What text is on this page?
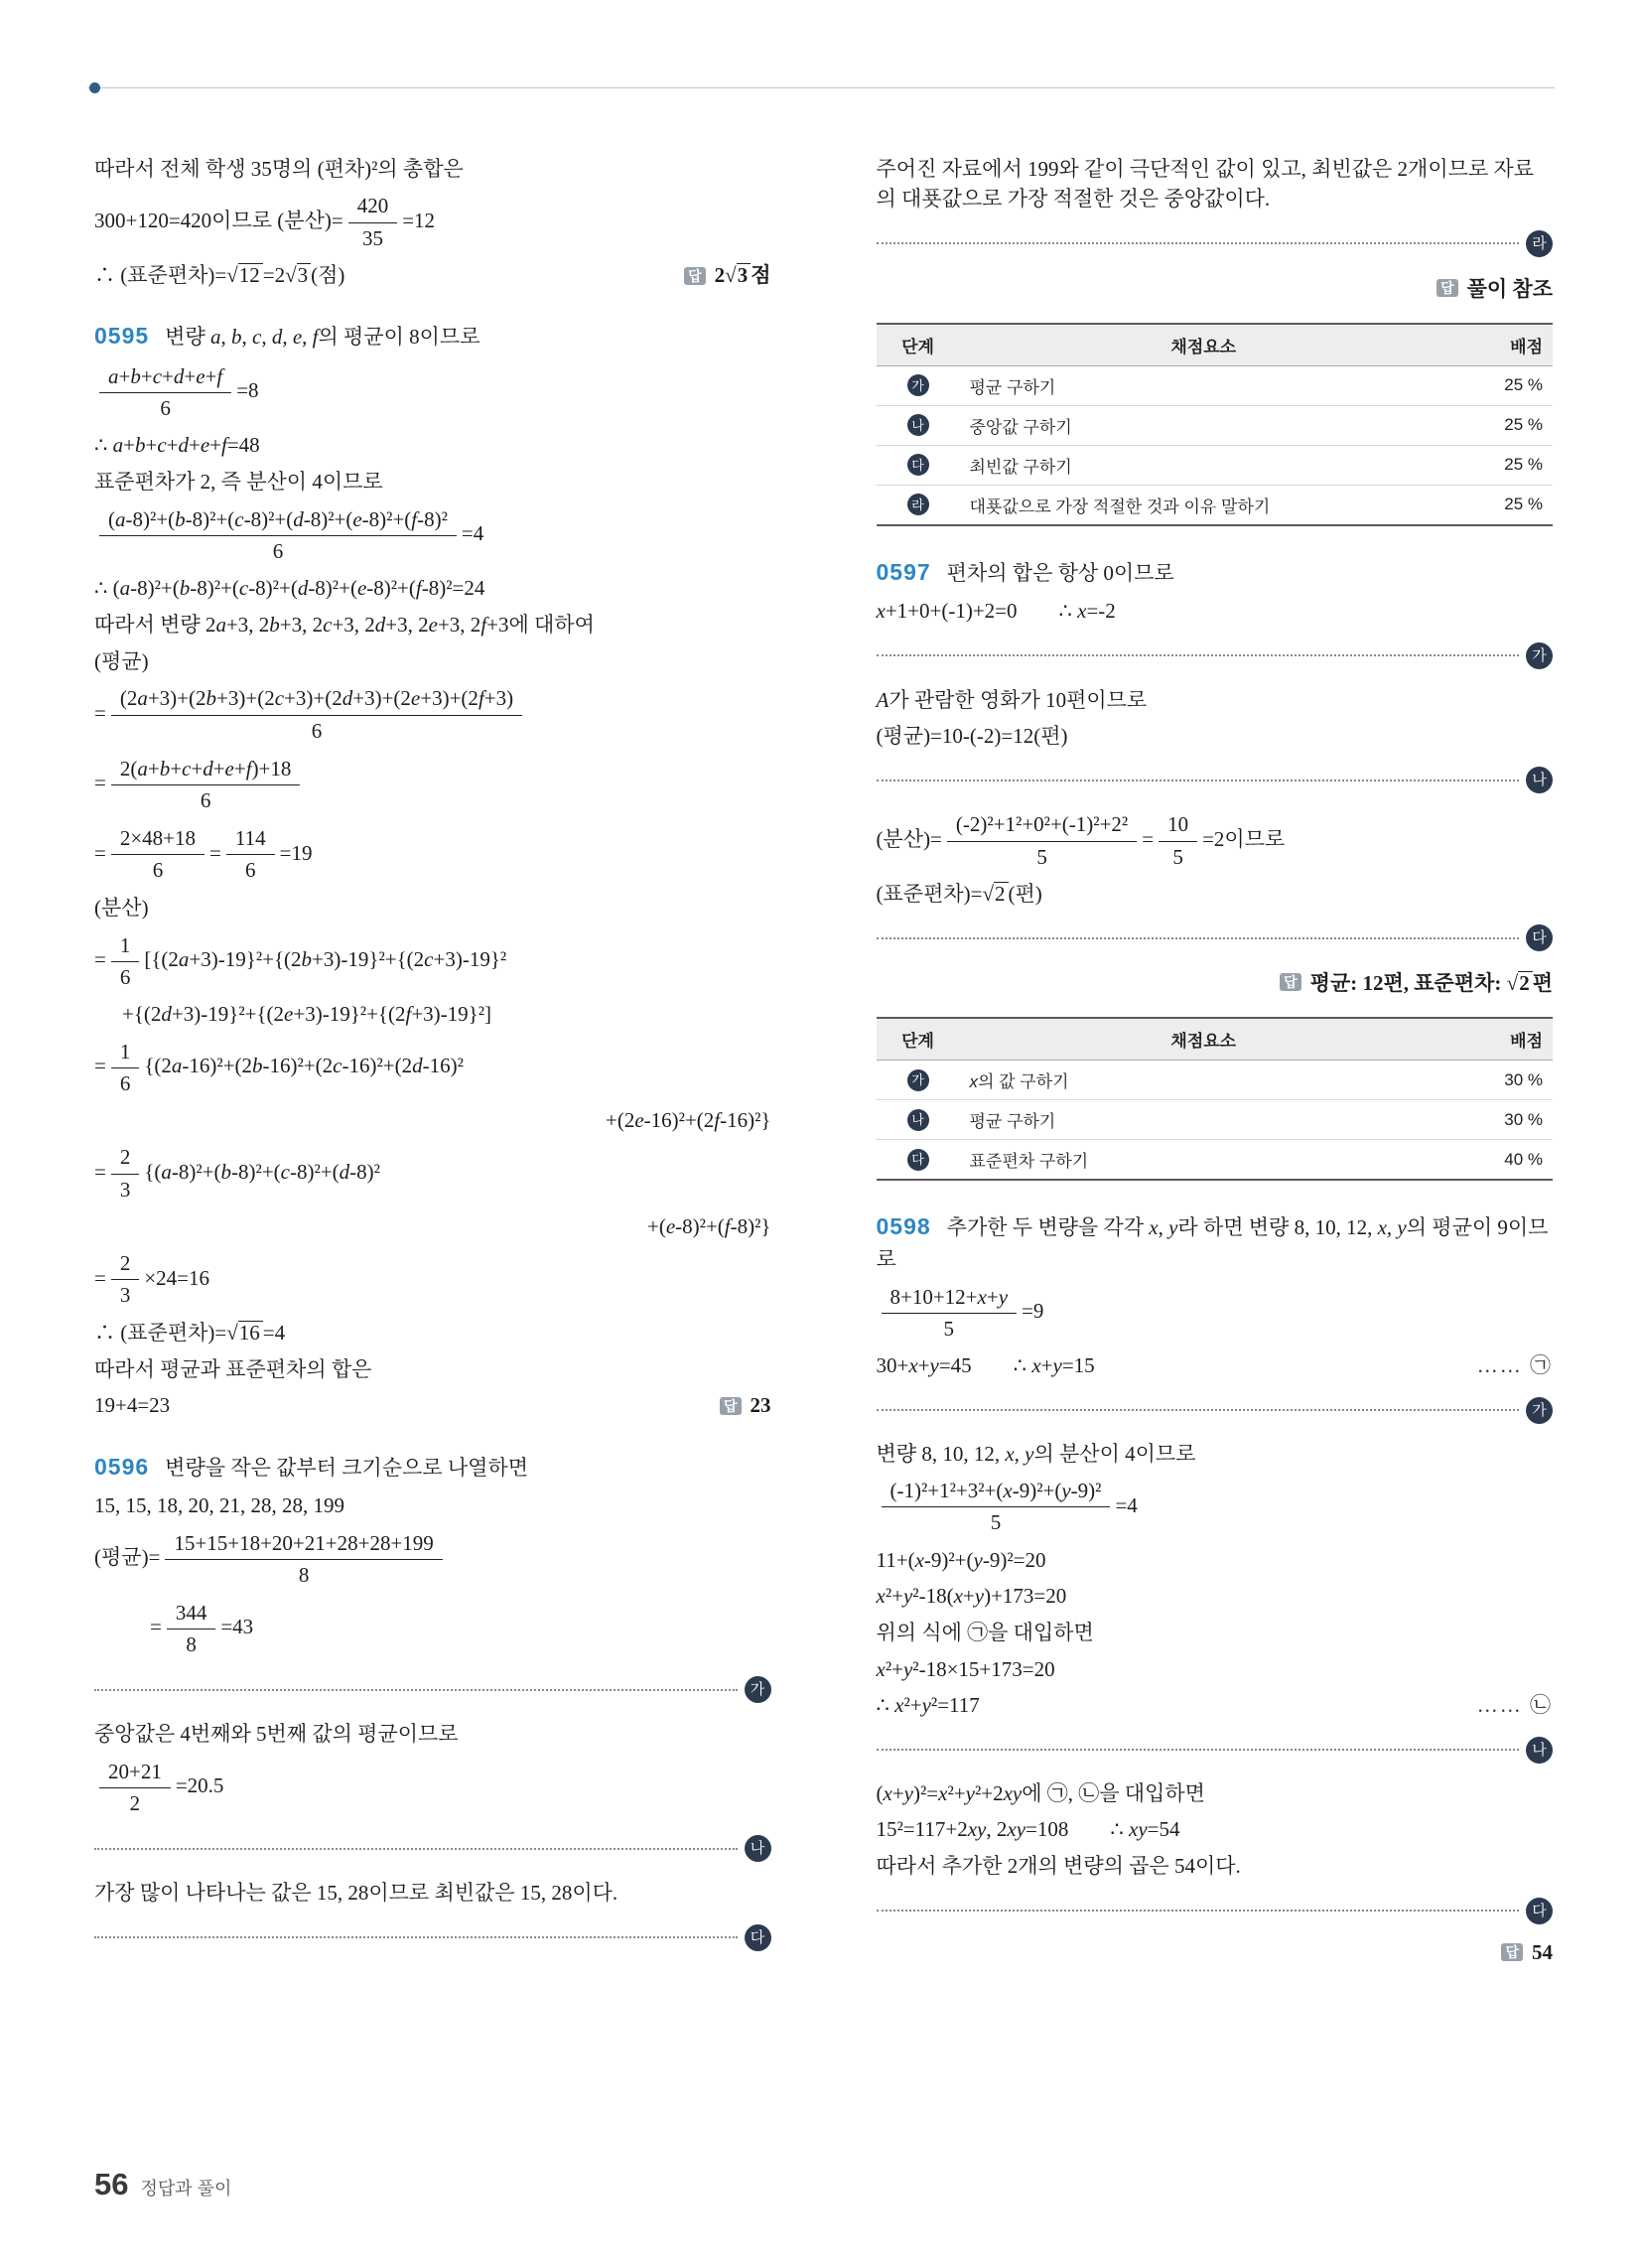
따라서 전체 학생 35명의 (편차)²의 총합은
300+120=420이므로 (분산)= $\frac{420}{35} =12$
∴ (표준편차)=√12 =2√3 (점)	답 2√3 점
0595 변량 a, b, c, d, e, f의 평균이 8이므로
$\frac{a+b+c+d+e+f}{6} =8$
∴ a+b+c+d+e+f=48
표준편차가 2, 즉 분산이 4이므로
$\frac{\text{(a-8)²+(b-8)²+(c-8)²+(d-8)²+(e-8)²+(f-8)²}}{6} =4$
∴ (a-8)²+(b-8)²+(c-8)²+(d-8)²+(e-8)²+(f-8)²=24
따라서 변량 2a+3, 2b+3, 2c+3, 2d+3, 2e+3, 2f+3에 대하여
(평균)
= $\frac{(2a+3)+(2b+3)+(2c+3)+(2d+3)+(2e+3)+(2f+3)}{6}$
= $\frac{2(a+b+c+d+e+f)+18}{6}$
= $\frac{2\times 48+18}{6} = \frac{114}{6} =19$
(분산)
= $\frac{1}{6} [\{(2a+3)-19\}^2+\{(2b+3)-19\}^2+\{(2c+3)-19\}^2$
+{(2d+3)-19}²+{(2e+3)-19}²+{(2f+3)-19}²]
= $\frac{1}{6} \{(2a-16)^2+(2b-16)^2+(2c-16)^2+(2d-16)^2$
+(2e-16)²+(2f-16)²}
= $\frac{2}{3} \{(a-8)^2+(b-8)^2+(c-8)^2+(d-8)^2$
+(e-8)²+(f-8)²}
= $\frac{2}{3} \times 24=16$
∴ (표준편차)=√16 =4
따라서 평균과 표준편차의 합은
19+4=23	답 23
0596 변량을 작은 값부터 크기순으로 나열하면
15, 15, 18, 20, 21, 28, 28, 199
(평균)= $\frac{15+15+18+20+21+28+28+199}{8}$
= $\frac{344}{8} =43$
가
중앙값은 4번째와 5번째 값의 평균이므로
$\frac{20+21}{2} =20.5$
나
가장 많이 나타나는 값은 15, 28이므로 최빈값은 15, 28이다.
다
주어진 자료에서 199와 같이 극단적인 값이 있고, 최빈값은 2개이므로 자료의 대푯값으로 가장 적절한 것은 중앙값이다.
라
답 풀이 참조
단계	채점요소	배점
가	평균 구하기	25 %
나	중앙값 구하기	25 %
다	최빈값 구하기	25 %
라	대푯값으로 가장 적절한 것과 이유 말하기	25 %
0597 편차의 합은 항상 0이므로
x+1+0+(-1)+2=0  ∴ x=-2
가
A가 관람한 영화가 10편이므로
(평균)=10-(-2)=12(편)
나
(분산)= $\frac{\text{(-2)²+1²+0²+(-1)²+2²}}{5} = \frac{10}{5} =2$이므로
(표준편차)=√2 (편)
다
답 평균: 12편, 표준편차: √2 편
단계	채점요소	배점
가	x의 값 구하기	30 %
나	평균 구하기	30 %
다	표준편차 구하기	40 %
0598 추가한 두 변량을 각각 x, y라 하면 변량 8, 10, 12, x, y의 평균이 9이므로
$\frac{8+10+12+x+y}{5} =9$
30+x+y=45  ∴ x+y=15	…… ㉠
가
변량 8, 10, 12, x, y의 분산이 4이므로
$\frac{\text{(-1)²+1²+3²+(x-9)²+(y-9)²}}{5} =4$
11+(x-9)²+(y-9)²=20
x²+y²-18(x+y)+173=20
위의 식에 ㉠을 대입하면
x²+y²-18×15+173=20
∴ x²+y²=117	…… ㉡
나
(x+y)²=x²+y²+2xy에 ㉠, ㉡을 대입하면
15²=117+2xy, 2xy=108  ∴ xy=54
따라서 추가한 2개의 변량의 곱은 54이다.
다
답 54
56 정답과 풀이
